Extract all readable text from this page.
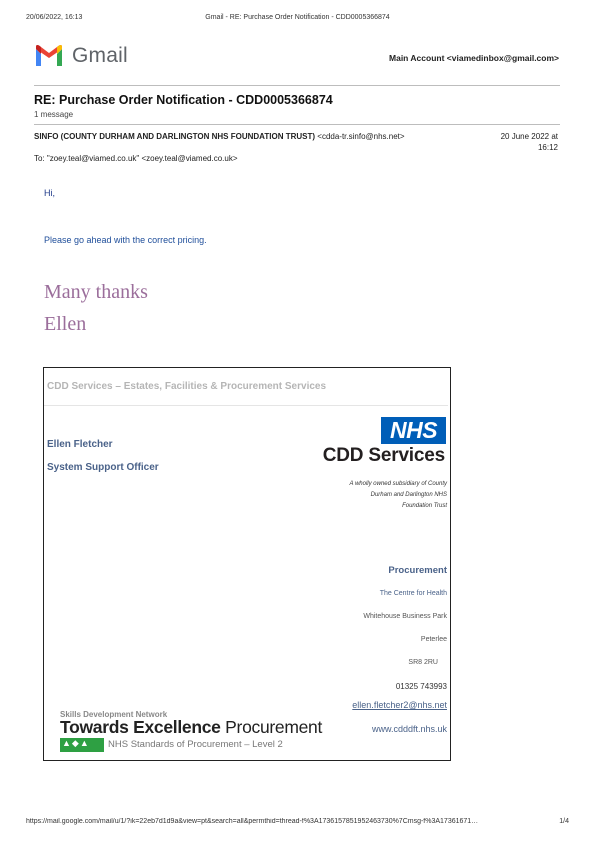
20/06/2022, 16:13	Gmail - RE: Purchase Order Notification - CDD0005366874
Gmail	Main Account <viamedinbox@gmail.com>
RE: Purchase Order Notification - CDD0005366874
1 message
SINFO (COUNTY DURHAM AND DARLINGTON NHS FOUNDATION TRUST) <cdda-tr.sinfo@nhs.net>	20 June 2022 at
16:12
To: "zoey.teal@viamed.co.uk" <zoey.teal@viamed.co.uk>
Hi,
Please go ahead with the correct pricing.
Many thanks
Ellen
CDD Services – Estates, Facilities & Procurement Services
Ellen Fletcher
System Support Officer
NHS
CDD Services
A wholly owned subsidiary of County
Durham and Darlington NHS
Foundation Trust
Procurement
The Centre for Health
Whitehouse Business Park
Peterlee
SR8 2RU
01325 743993
ellen.fletcher2@nhs.net
www.cdddft.nhs.uk
Skills Development Network
Towards Excellence Procurement
▲◆▲ NHS Standards of Procurement – Level 2
https://mail.google.com/mail/u/1/?ik=22eb7d1d9a&view=pt&search=all&permthid=thread-f%3A1736157851952463730%7Cmsg-f%3A17361671…	1/4
